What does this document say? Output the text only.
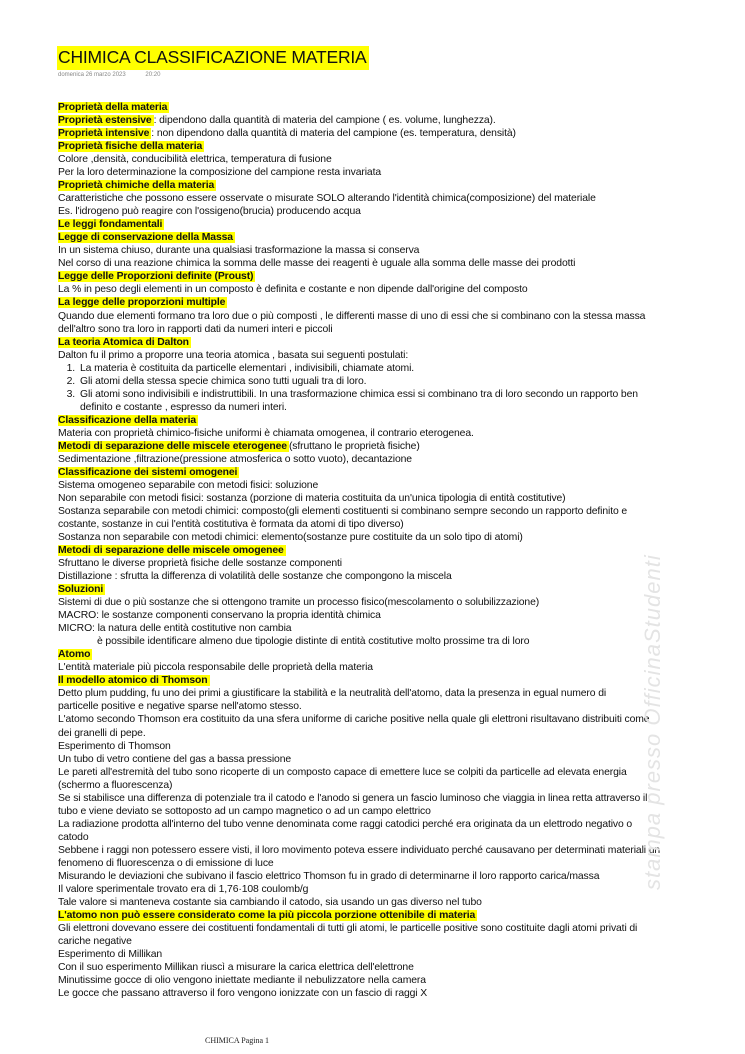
CHIMICA CLASSIFICAZIONE MATERIA
domenica 26 marzo 2023	20:20
Proprietà della materia
Proprietà estensive : dipendono dalla quantità di materia del campione ( es. volume, lunghezza).
Proprietà intensive : non dipendono dalla quantità di materia del campione (es. temperatura, densità)
Proprietà fisiche della materia
Colore ,densità, conducibilità elettrica, temperatura di fusione
Per la loro determinazione la composizione del campione resta invariata
Proprietà chimiche della materia
Caratteristiche che possono essere osservate o misurate SOLO alterando l'identità chimica(composizione) del materiale
Es. l'idrogeno può reagire con l'ossigeno(brucia) producendo acqua
Le leggi fondamentali
Legge di conservazione della Massa
In un sistema chiuso, durante una qualsiasi trasformazione la massa si conserva
Nel corso di una reazione chimica la somma delle masse dei reagenti è uguale alla somma delle masse dei prodotti
Legge delle Proporzioni definite (Proust)
La % in peso degli elementi in un composto è definita e costante e non dipende dall'origine del composto
La legge delle proporzioni multiple
Quando due elementi formano tra loro due o più composti , le differenti masse di uno di essi che si combinano con la stessa massa
dell'altro sono tra loro in rapporti dati da numeri interi e piccoli
La teoria Atomica di Dalton
Dalton fu il primo a proporre una teoria atomica , basata sui seguenti postulati:
1. La materia è costituita da particelle elementari , indivisibili, chiamate atomi.
2. Gli atomi della stessa specie chimica sono tutti uguali tra di loro.
3. Gli atomi sono indivisibili e indistruttibili. In una trasformazione chimica essi si combinano tra di loro secondo un rapporto ben
definito e costante , espresso da numeri interi.
Classificazione della materia
Materia con proprietà chimico-fisiche uniformi è chiamata omogenea, il contrario eterogenea.
Metodi di separazione delle miscele eterogenee (sfruttano le proprietà fisiche)
Sedimentazione ,filtrazione(pressione atmosferica o sotto vuoto), decantazione
Classificazione dei sistemi omogenei
Sistema omogeneo separabile con metodi fisici: soluzione
Non separabile con metodi fisici: sostanza (porzione di materia costituita da un'unica tipologia di entità costitutive)
Sostanza separabile con metodi chimici: composto(gli elementi costituenti si combinano sempre secondo un rapporto definito e
costante, sostanze in cui l'entità costitutiva è formata da atomi di tipo diverso)
Sostanza non separabile con metodi chimici: elemento(sostanze pure costituite da un solo tipo di atomi)
Metodi di separazione delle miscele omogenee
Sfruttano le diverse proprietà fisiche delle sostanze componenti
Distillazione : sfrutta la differenza di volatilità delle sostanze che compongono la miscela
Soluzioni
Sistemi di due o più sostanze che si ottengono tramite un processo fisico(mescolamento o solubilizzazione)
MACRO: le sostanze componenti conservano la propria identità chimica
MICRO: la natura delle entità costitutive non cambia
è possibile identificare almeno due tipologie distinte di entità costitutive molto prossime tra di loro
Atomo
L'entità materiale più piccola responsabile delle proprietà della materia
Il modello atomico di Thomson
Detto plum pudding, fu uno dei primi a giustificare la stabilità e la neutralità dell'atomo, data la presenza in egual numero di
particelle positive e negative sparse nell'atomo stesso.
L'atomo secondo Thomson era costituito da una sfera uniforme di cariche positive nella quale gli elettroni risultavano distribuiti come
dei granelli di pepe.
Esperimento di Thomson
Un tubo di vetro contiene del gas a bassa pressione
Le pareti all'estremità del tubo sono ricoperte di un composto capace di emettere luce se colpiti da particelle ad elevata energia
(schermo a fluorescenza)
Se si stabilisce una differenza di potenziale tra il catodo e l'anodo si genera un fascio luminoso che viaggia in linea retta attraverso il
tubo e viene deviato se sottoposto ad un campo magnetico o ad un campo elettrico
La radiazione prodotta all'interno del tubo venne denominata come raggi catodici perché era originata da un elettrodo negativo o
catodo
Sebbene i raggi non potessero essere visti, il loro movimento poteva essere individuato perché causavano per determinati materiali un
fenomeno di fluorescenza o di emissione di luce
Misurando le deviazioni che subivano il fascio elettrico Thomson fu in grado di determinarne il loro rapporto carica/massa
Il valore sperimentale trovato era di 1,76·108 coulomb/g
Tale valore si manteneva costante sia cambiando il catodo, sia usando un gas diverso nel tubo
L'atomo non può essere considerato come la più piccola porzione ottenibile di materia
Gli elettroni dovevano essere dei costituenti fondamentali di tutti gli atomi, le particelle positive sono costituite dagli atomi privati di
cariche negative
Esperimento di Millikan
Con il suo esperimento Millikan riuscì a misurare la carica elettrica dell'elettrone
Minutissime gocce di olio vengono iniettate mediante il nebulizzatore nella camera
Le gocce che passano attraverso il foro vengono ionizzate con un fascio di raggi X
stampa presso OfficinaStudenti
CHIMICA Pagina 1
